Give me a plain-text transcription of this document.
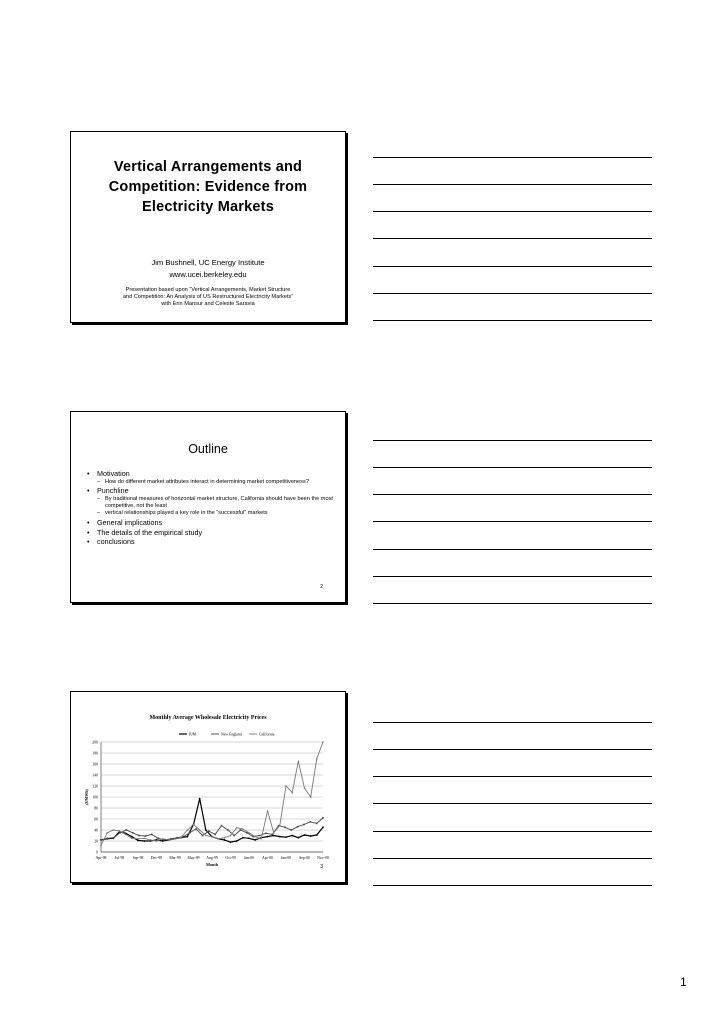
Vertical Arrangements and
Competition: Evidence from
Electricity Markets
Jim Bushnell, UC Energy Institute
www.ucei.berkeley.edu
Presentation based upon “Vertical Arrangements, Market Structure
and Competition: An Analysis of US Restructured Electricity Markets”
with Erin Mansur and Celeste Saravia
Outline
• Motivation
– How do different market attributes interact in determining market competitiveness?
• Punchline
– By traditional measures of horizontal market structure, California should have been the most competitive, not the least
– vertical relationships played a key role in the “successful” markets
• General implications
• The details of the empirical study
• conclusions
2
Monthly Average Wholesale Electricity Prices
0
20
40
60
80
100
120
140
160
180
200
Apr-98 Jul-98 Sep-98 Dec-98 Mar-99 May-99 Aug-99 Oct-99 Jan-00 Apr-00 Jun-00 Sep-00 Nov-00
Month
($/MWh)
PJM	New England	California
3
1
